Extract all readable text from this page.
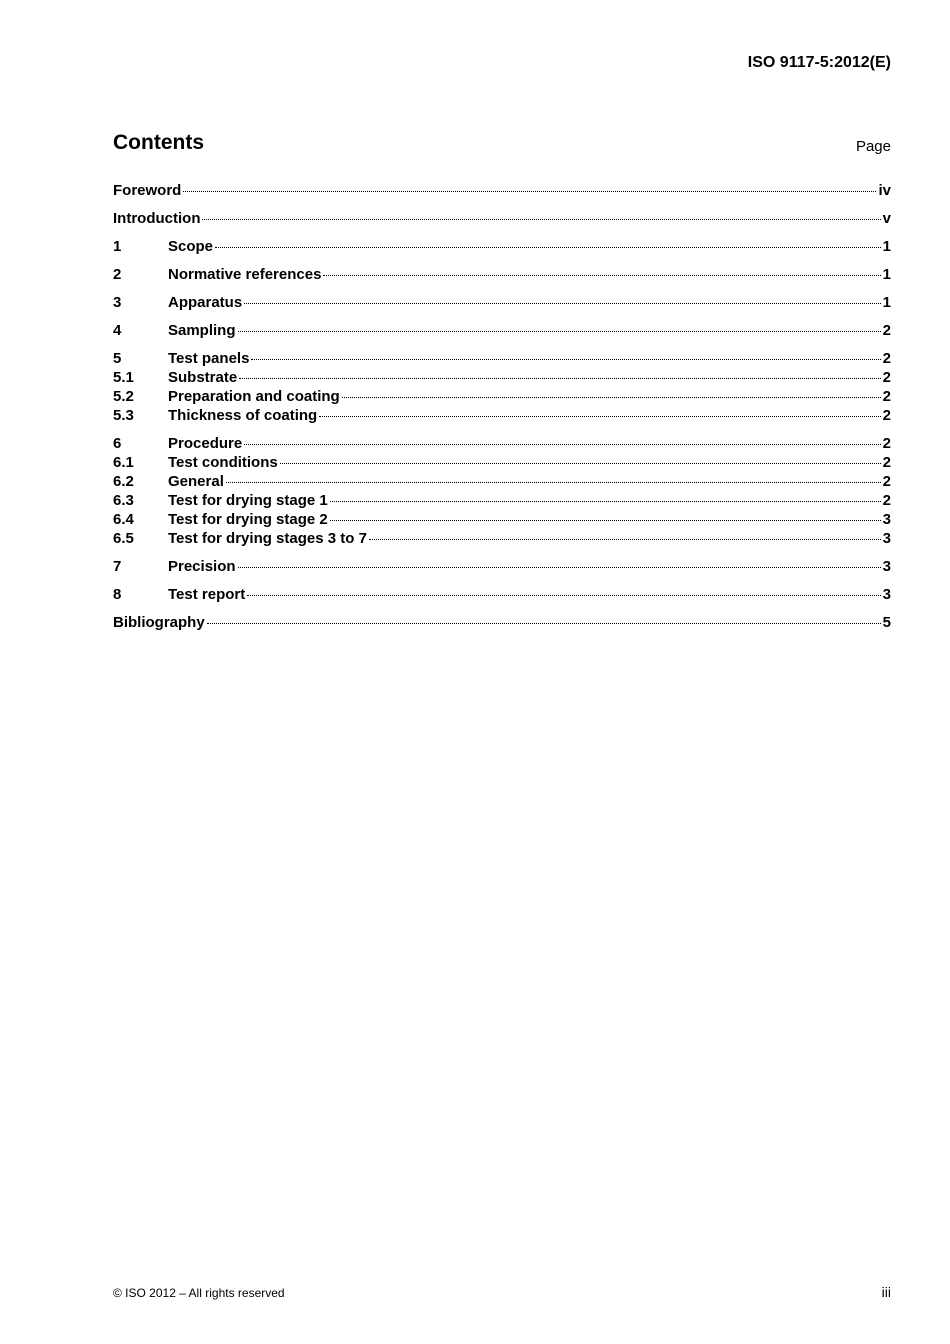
ISO 9117-5:2012(E)
Contents	Page
Foreword	iv
Introduction	v
1	Scope	1
2	Normative references	1
3	Apparatus	1
4	Sampling	2
5	Test panels	2
5.1	Substrate	2
5.2	Preparation and coating	2
5.3	Thickness of coating	2
6	Procedure	2
6.1	Test conditions	2
6.2	General	2
6.3	Test for drying stage 1	2
6.4	Test for drying stage 2	3
6.5	Test for drying stages 3 to 7	3
7	Precision	3
8	Test report	3
Bibliography	5
© ISO 2012 – All rights reserved	iii
